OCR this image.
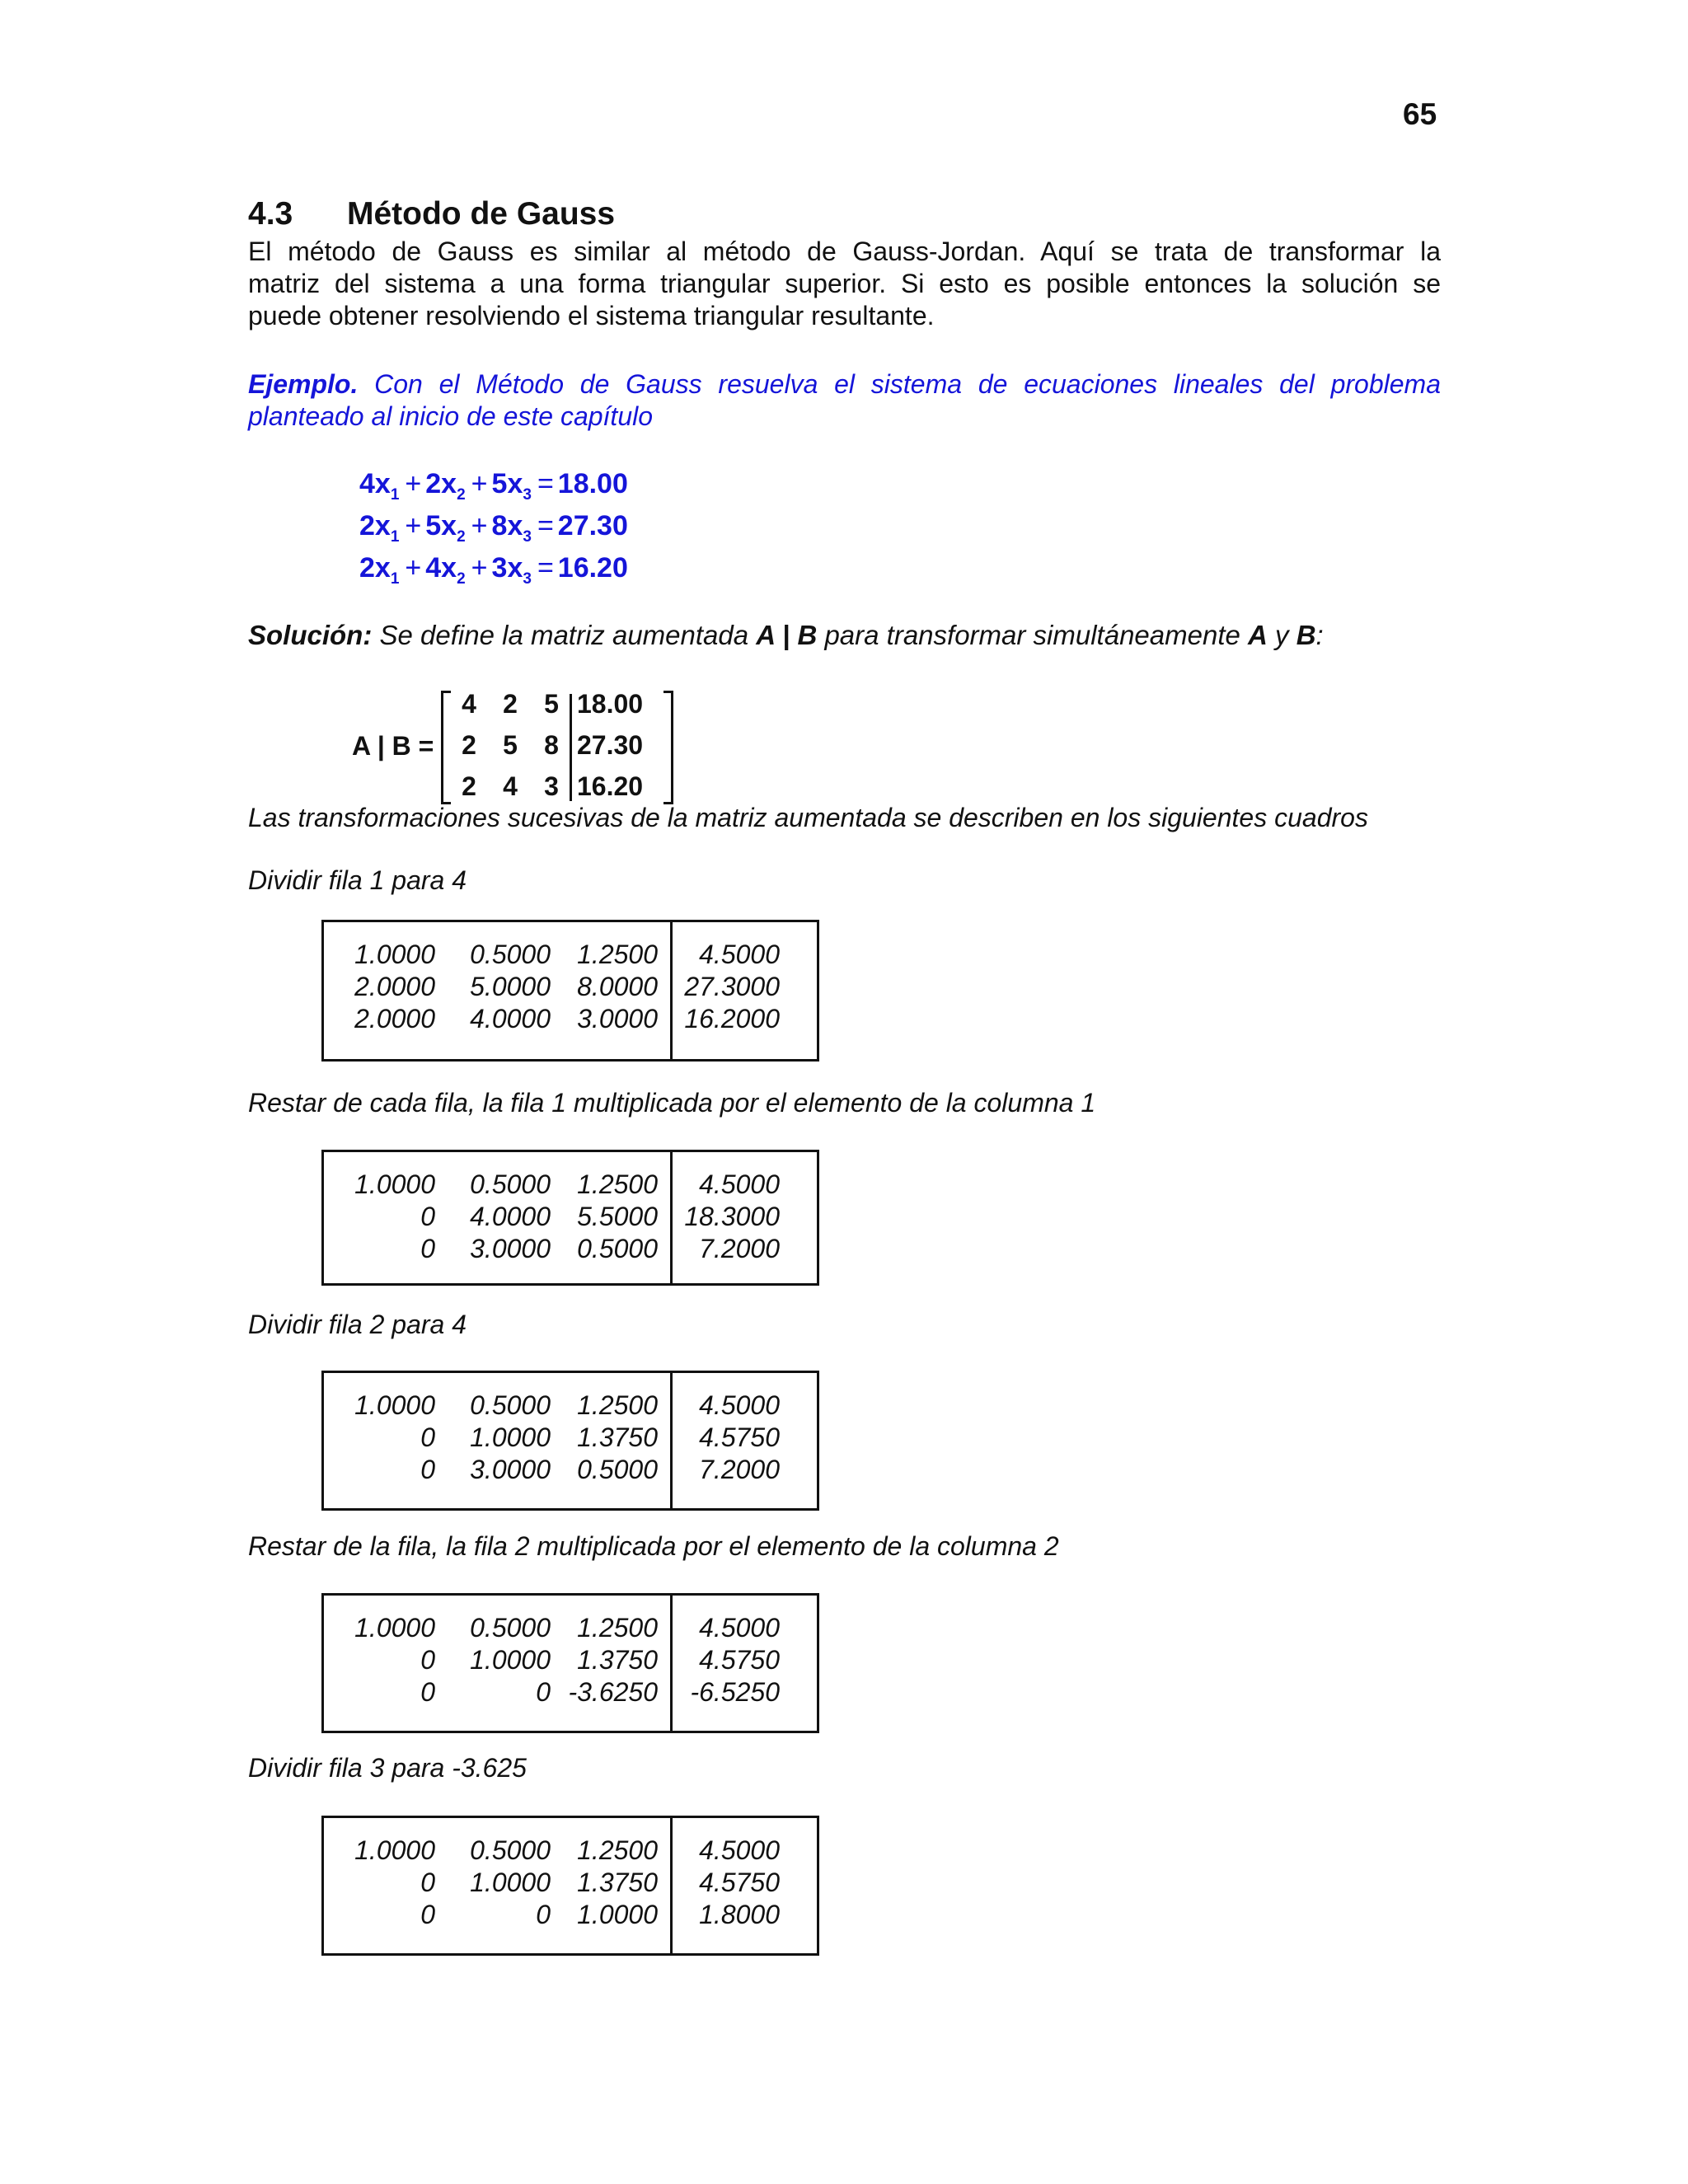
65
4.3 Método de Gauss
El método de Gauss es similar al método de Gauss-Jordan. Aquí se trata de transformar la
matriz del sistema a una forma triangular superior. Si esto es posible entonces la solución se
puede obtener resolviendo el sistema triangular resultante.
Ejemplo. Con el Método de Gauss resuelva el sistema de ecuaciones lineales del problema
planteado al inicio de este capítulo
$4x_1 + 2x_2 + 5x_3 = 18.00$
$2x_1 + 5x_2 + 8x_3 = 27.30$
$2x_1 + 4x_2 + 3x_3 = 16.20$
Solución: Se define la matriz aumentada A | B para transformar simultáneamente A y B:
A | B =
4	2	5 18.00
2	5	8 27.30
2	4	3 16.20
Las transformaciones sucesivas de la matriz aumentada se describen en los siguientes cuadros
Dividir fila 1 para 4
1.0000 0.5000 1.2500 4.5000
2.0000 5.0000 8.0000 27.3000
2.0000 4.0000 3.0000 16.2000
Restar de cada fila, la fila 1 multiplicada por el elemento de la columna 1
1.0000 0.5000 1.2500 4.5000
0 4.0000 5.5000 18.3000
0 3.0000 0.5000 7.2000
Dividir fila 2 para 4
1.0000 0.5000 1.2500 4.5000
0 1.0000 1.3750 4.5750
0 3.0000 0.5000 7.2000
Restar de la fila, la fila 2 multiplicada por el elemento de la columna 2
1.0000 0.5000 1.2500 4.5000
0 1.0000 1.3750 4.5750
0	0 -3.6250 -6.5250
Dividir fila 3 para -3.625
1.0000 0.5000 1.2500 4.5000
0 1.0000 1.3750 4.5750
0	0 1.0000 1.8000
